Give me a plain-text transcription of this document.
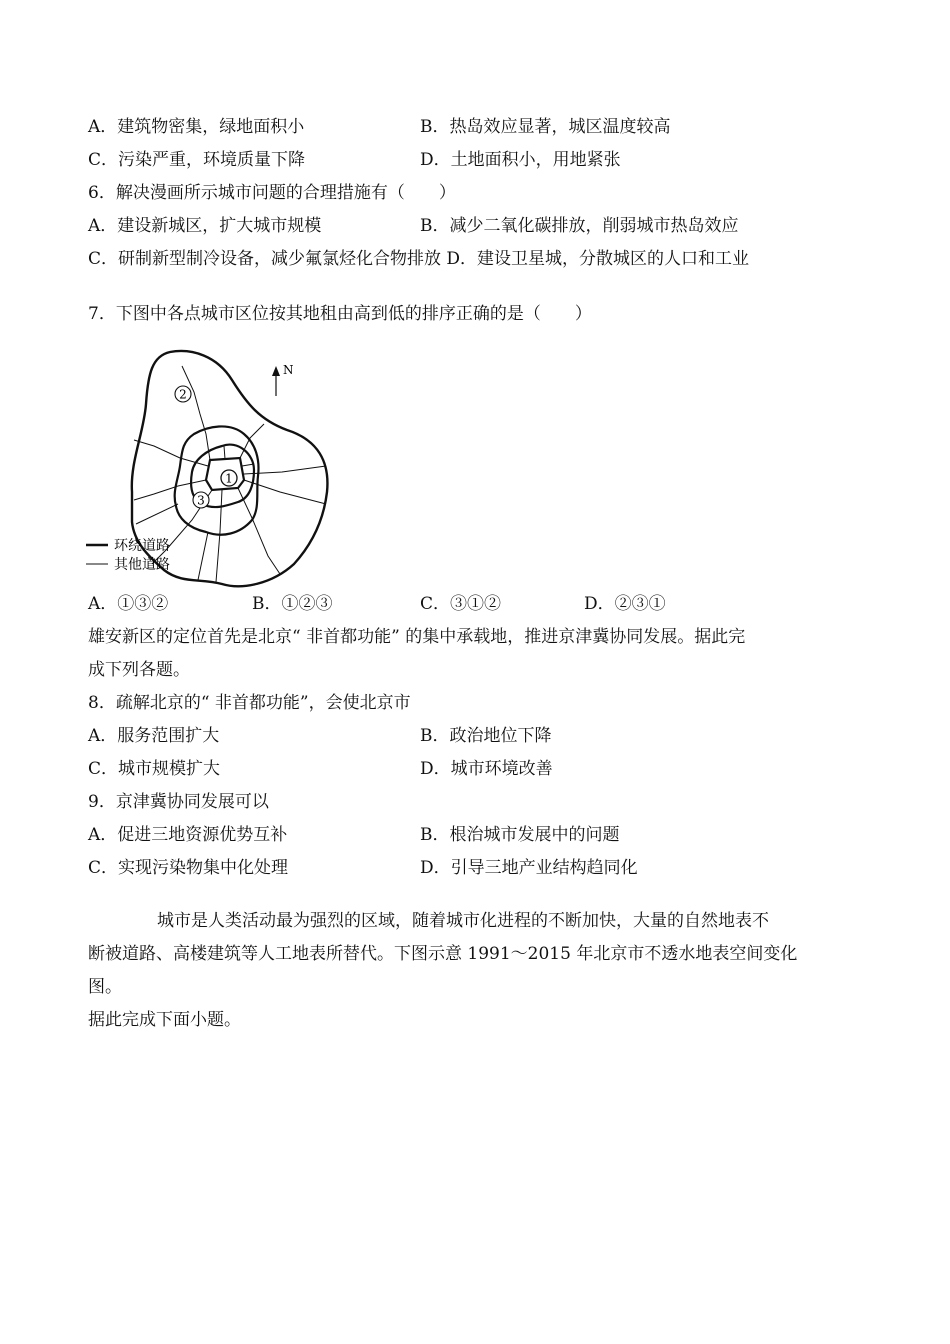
A．建筑物密集，绿地面积小	B．热岛效应显著，城区温度较高
C．污染严重，环境质量下降	D．土地面积小，用地紧张
6．解决漫画所示城市问题的合理措施有（　　）
A．建设新城区，扩大城市规模	B．减少二氧化碳排放，削弱城市热岛效应
C．研制新型制冷设备，减少氟氯烃化合物排放 D．建设卫星城，分散城区的人口和工业
7．下图中各点城市区位按其地租由高到低的排序正确的是（　　）
1
2
3
N
环绕道路
其他道路
A．①③②	B．①②③	C．③①②	D．②③①
雄安新区的定位首先是北京“ 非首都功能” 的集中承载地，推进京津冀协同发展。据此完
成下列各题。
8．疏解北京的“ 非首都功能”，会使北京市
A．服务范围扩大	B．政治地位下降
C．城市规模扩大	D．城市环境改善
9．京津冀协同发展可以
A．促进三地资源优势互补	B．根治城市发展中的问题
C．实现污染物集中化处理	D．引导三地产业结构趋同化
城市是人类活动最为强烈的区域，随着城市化进程的不断加快，大量的自然地表不
断被道路、高楼建筑等人工地表所替代。下图示意 1991～2015 年北京市不透水地表空间变化
图。
据此完成下面小题。
